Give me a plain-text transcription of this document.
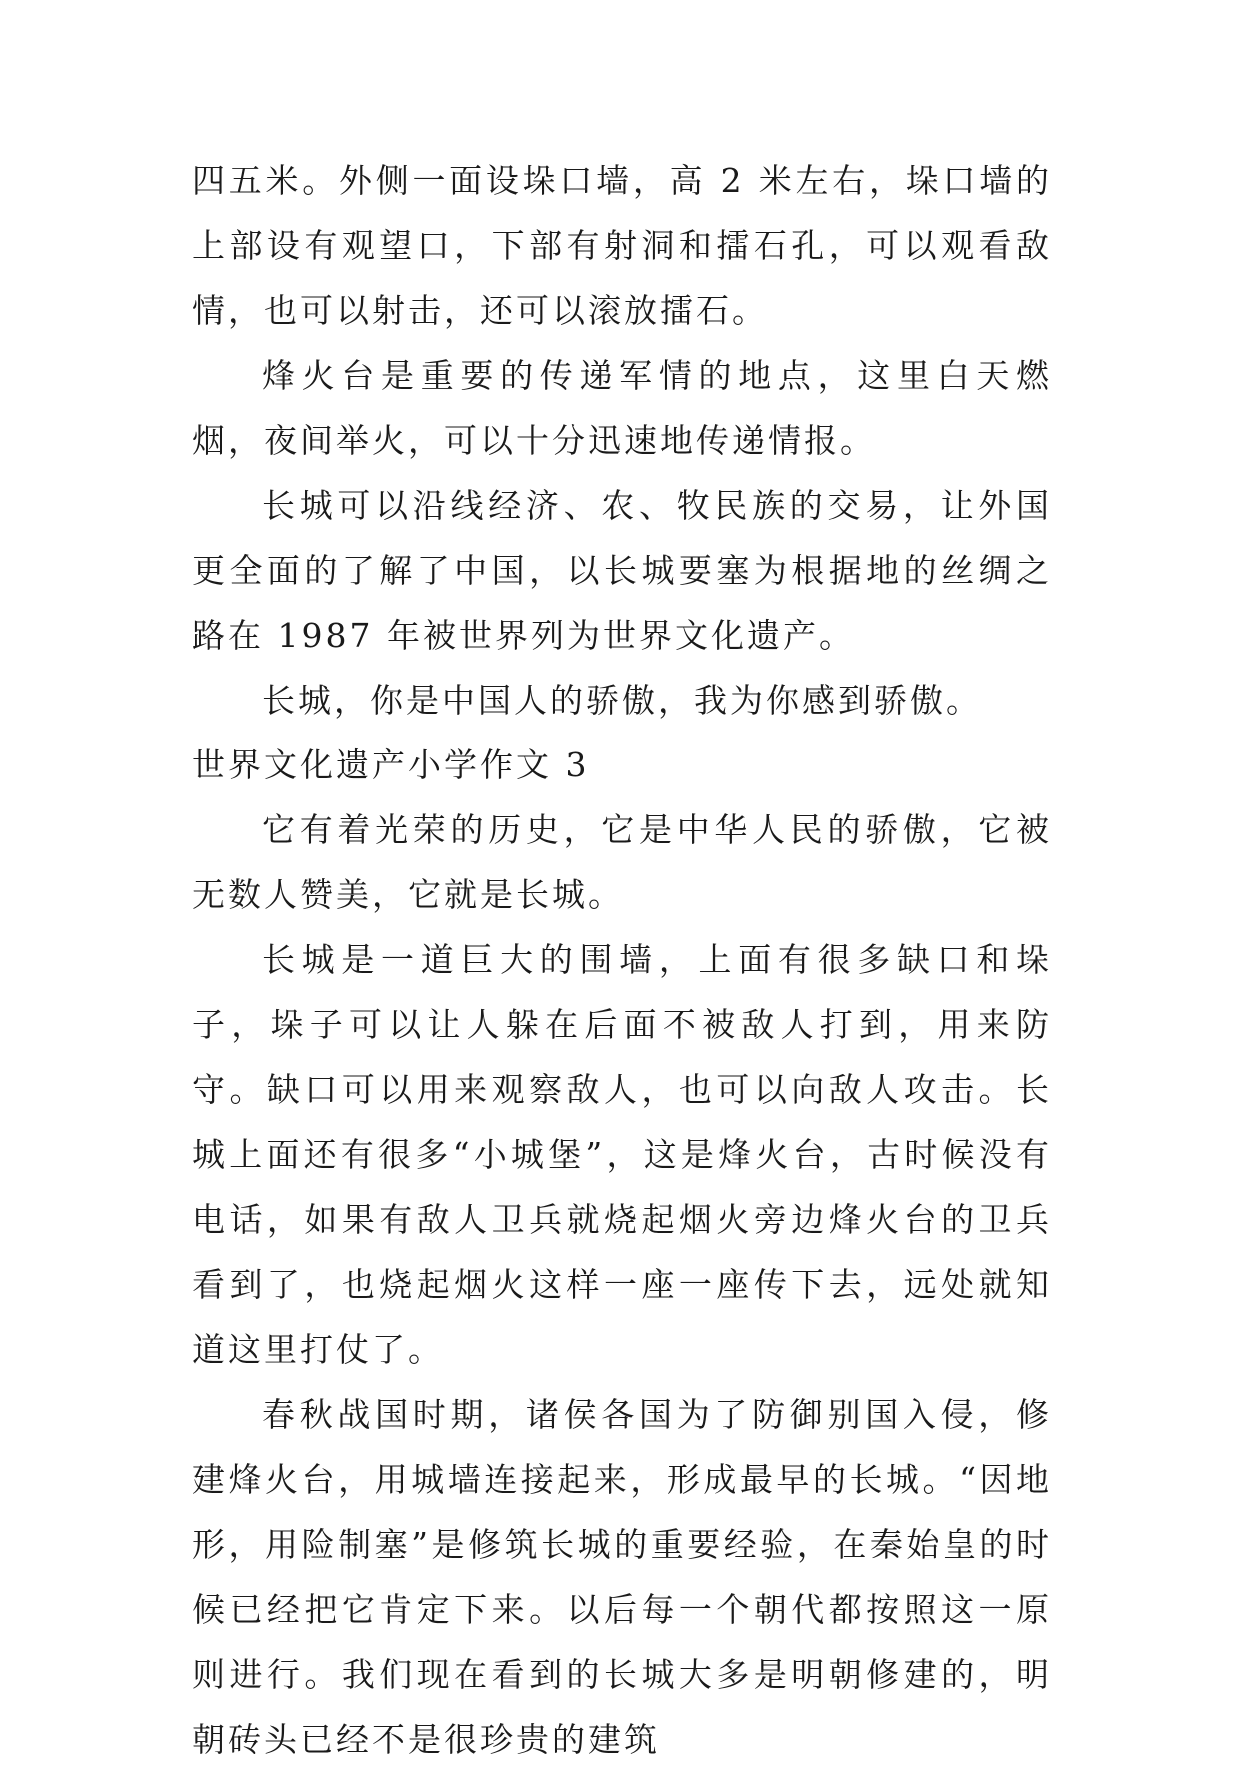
四五米。外侧一面设垛口墙，高 2 米左右，垛口墙的上部设有观望口，下部有射洞和擂石孔，可以观看敌情，也可以射击，还可以滚放擂石。

烽火台是重要的传递军情的地点，这里白天燃烟，夜间举火，可以十分迅速地传递情报。

长城可以沿线经济、农、牧民族的交易，让外国更全面的了解了中国，以长城要塞为根据地的丝绸之路在 1987 年被世界列为世界文化遗产。

长城，你是中国人的骄傲，我为你感到骄傲。

世界文化遗产小学作文 3

它有着光荣的历史，它是中华人民的骄傲，它被无数人赞美，它就是长城。

长城是一道巨大的围墙，上面有很多缺口和垛子，垛子可以让人躲在后面不被敌人打到，用来防守。缺口可以用来观察敌人，也可以向敌人攻击。长城上面还有很多“小城堡”，这是烽火台，古时候没有电话，如果有敌人卫兵就烧起烟火旁边烽火台的卫兵看到了，也烧起烟火这样一座一座传下去，远处就知道这里打仗了。

春秋战国时期，诸侯各国为了防御别国入侵，修建烽火台，用城墙连接起来，形成最早的长城。“因地形，用险制塞”是修筑长城的重要经验，在秦始皇的时候已经把它肯定下来。以后每一个朝代都按照这一原则进行。我们现在看到的长城大多是明朝修建的，明朝砖头已经不是很珍贵的建筑
